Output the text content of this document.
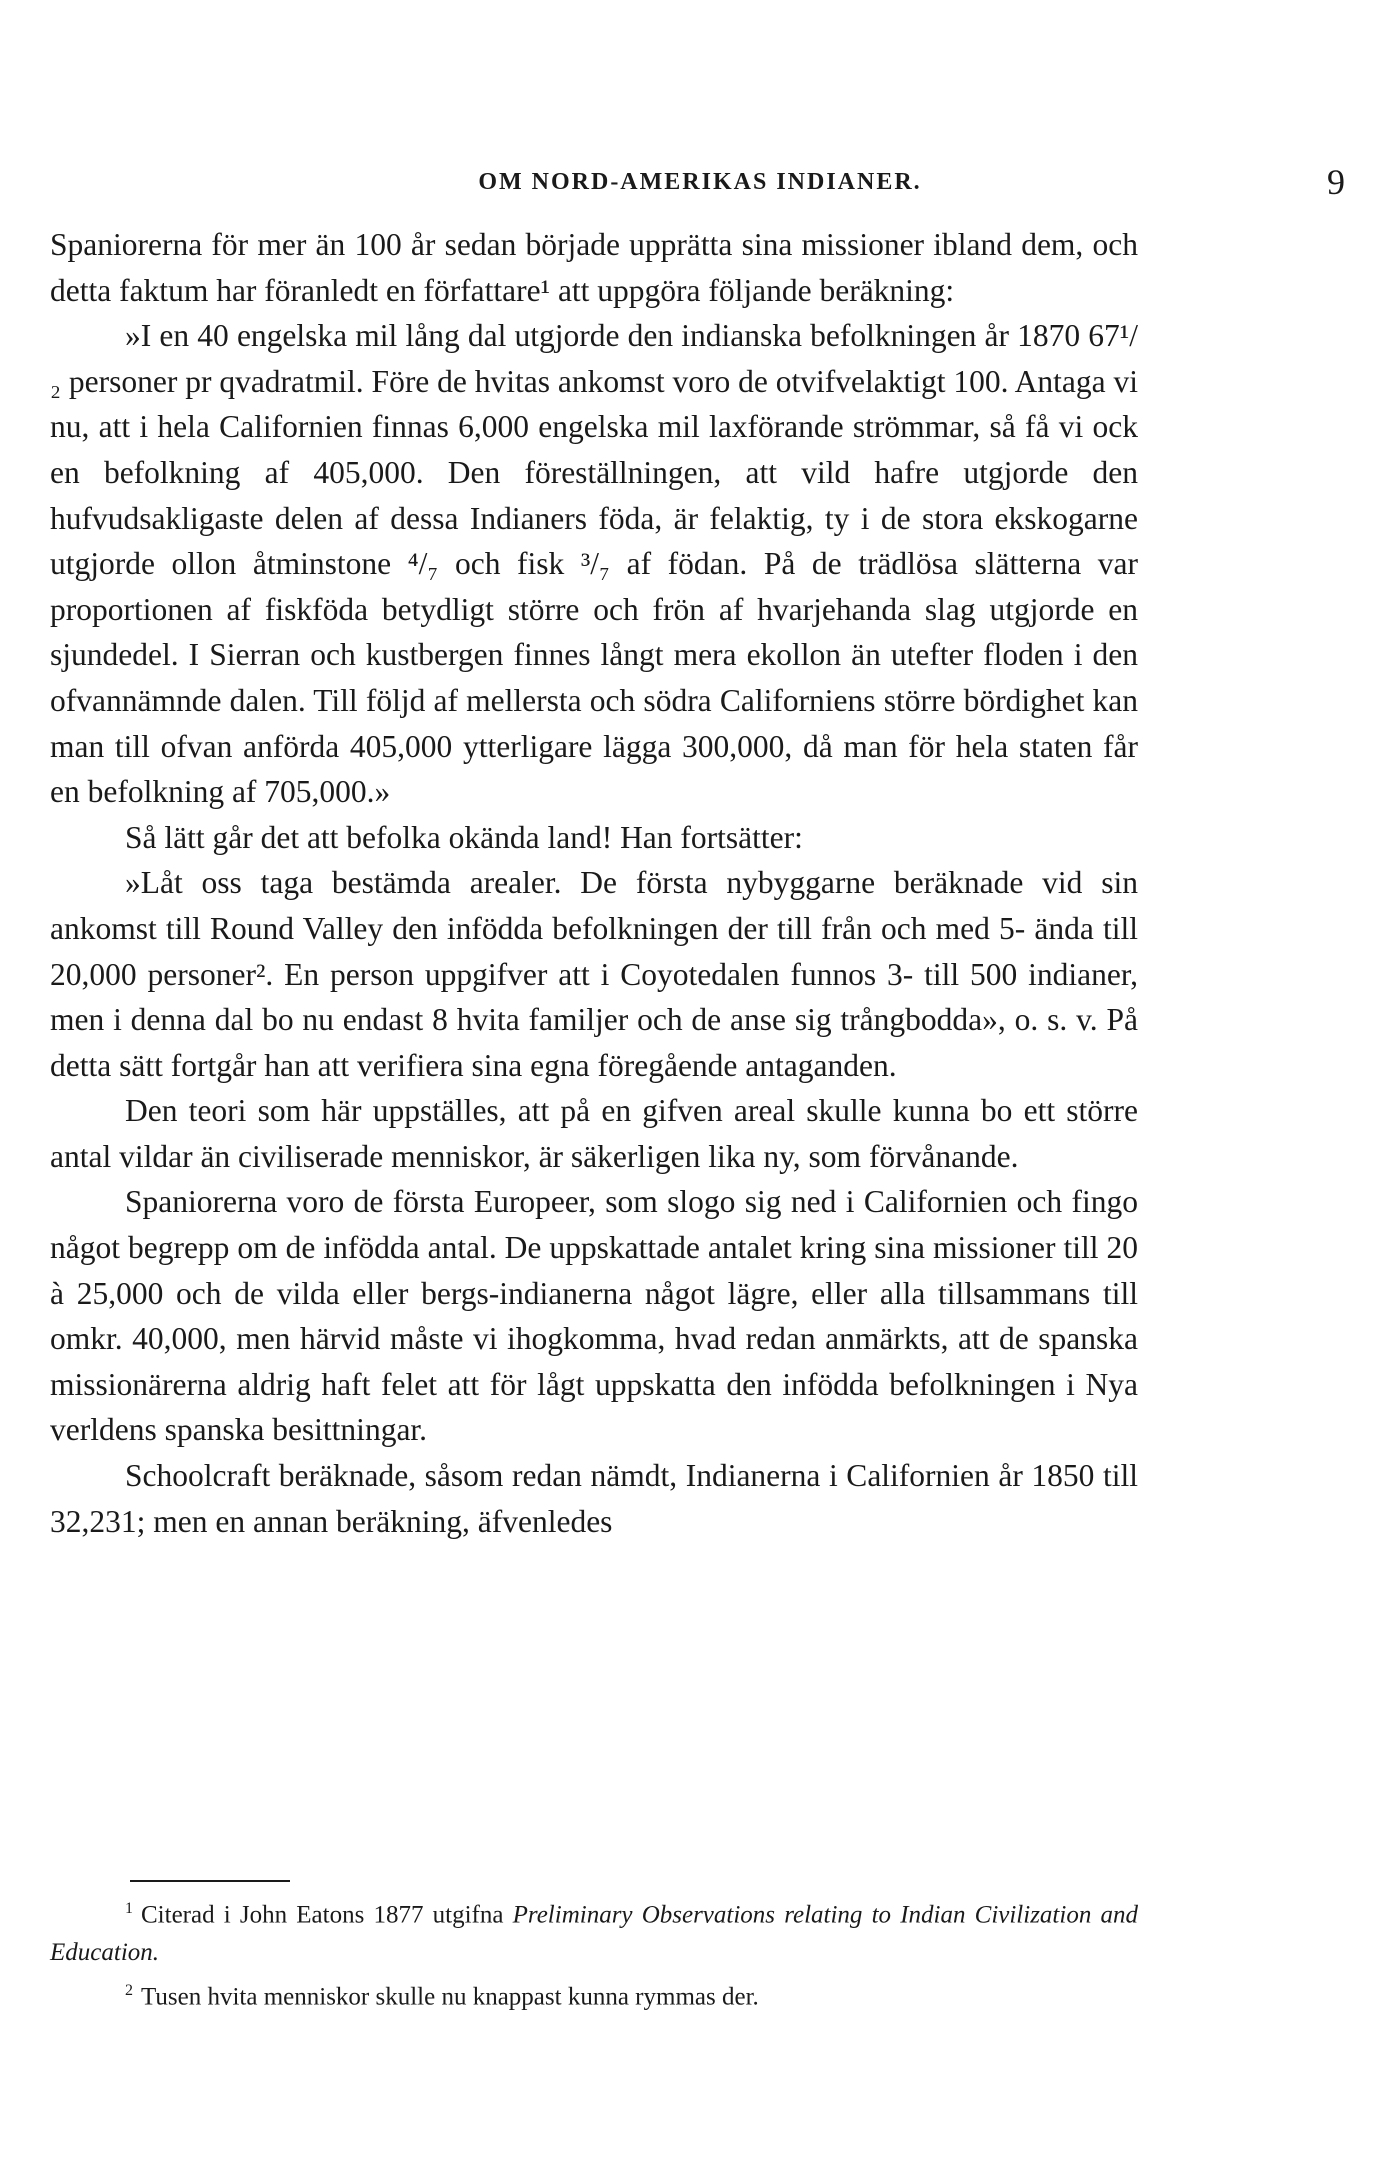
OM NORD-AMERIKAS INDIANER.	9

Spaniorerna för mer än 100 år sedan började upprätta sina missioner ibland dem, och detta faktum har föranledt en författare¹ att uppgöra följande beräkning:

»I en 40 engelska mil lång dal utgjorde den indianska befolkningen år 1870 67¹/₂ personer pr qvadratmil. Före de hvitas ankomst voro de otvifvelaktigt 100. Antaga vi nu, att i hela Californien finnas 6,000 engelska mil laxförande strömmar, så få vi ock en befolkning af 405,000. Den föreställningen, att vild hafre utgjorde den hufvudsakligaste delen af dessa Indianers föda, är felaktig, ty i de stora ekskogarne utgjorde ollon åtminstone ⁴/₇ och fisk ³/₇ af födan. På de trädlösa slätterna var proportionen af fiskföda betydligt större och frön af hvarjehanda slag utgjorde en sjundedel. I Sierran och kustbergen finnes långt mera ekollon än utefter floden i den ofvannämnde dalen. Till följd af mellersta och södra Californiens större bördighet kan man till ofvan anförda 405,000 ytterligare lägga 300,000, då man för hela staten får en befolkning af 705,000.»

Så lätt går det att befolka okända land! Han fortsätter:

»Låt oss taga bestämda arealer. De första nybyggarne beräknade vid sin ankomst till Round Valley den infödda befolkningen der till från och med 5- ända till 20,000 personer². En person uppgifver att i Coyotedalen funnos 3- till 500 indianer, men i denna dal bo nu endast 8 hvita familjer och de anse sig trångbodda», o. s. v. På detta sätt fortgår han att verifiera sina egna föregående antaganden.

Den teori som här uppställes, att på en gifven areal skulle kunna bo ett större antal vildar än civiliserade menniskor, är säkerligen lika ny, som förvånande.

Spaniorerna voro de första Europeer, som slogo sig ned i Californien och fingo något begrepp om de infödda antal. De uppskattade antalet kring sina missioner till 20 à 25,000 och de vilda eller bergs-indianerna något lägre, eller alla tillsammans till omkr. 40,000, men härvid måste vi ihogkomma, hvad redan anmärkts, att de spanska missionärerna aldrig haft felet att för lågt uppskatta den infödda befolkningen i Nya verldens spanska besittningar.

Schoolcraft beräknade, såsom redan nämdt, Indianerna i Californien år 1850 till 32,231; men en annan beräkning, äfvenledes

$^1$ Citerad i John Eatons 1877 utgifna Preliminary Observations relating to Indian Civilization and Education.

$^2$ Tusen hvita menniskor skulle nu knappast kunna rymmas der.
